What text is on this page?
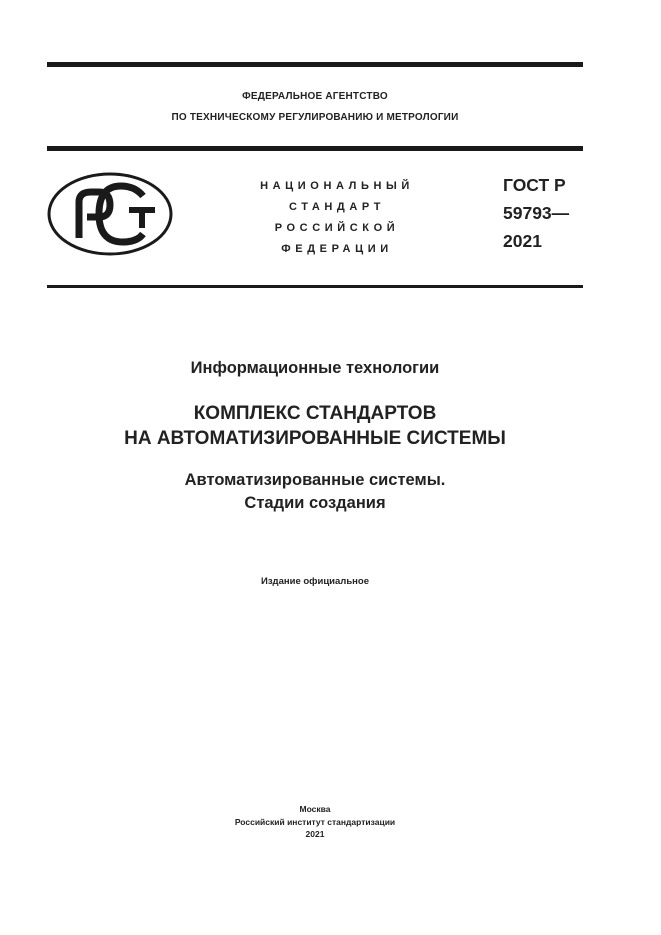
ФЕДЕРАЛЬНОЕ АГЕНТСТВО
ПО ТЕХНИЧЕСКОМУ РЕГУЛИРОВАНИЮ И МЕТРОЛОГИИ
НАЦИОНАЛЬНЫЙ
СТАНДАРТ
РОССИЙСКОЙ
ФЕДЕРАЦИИ
ГОСТ Р
59793—
2021
Информационные технологии
КОМПЛЕКС СТАНДАРТОВ
НА АВТОМАТИЗИРОВАННЫЕ СИСТЕМЫ
Автоматизированные системы.
Стадии создания
Издание официальное
Москва
Российский институт стандартизации
2021
